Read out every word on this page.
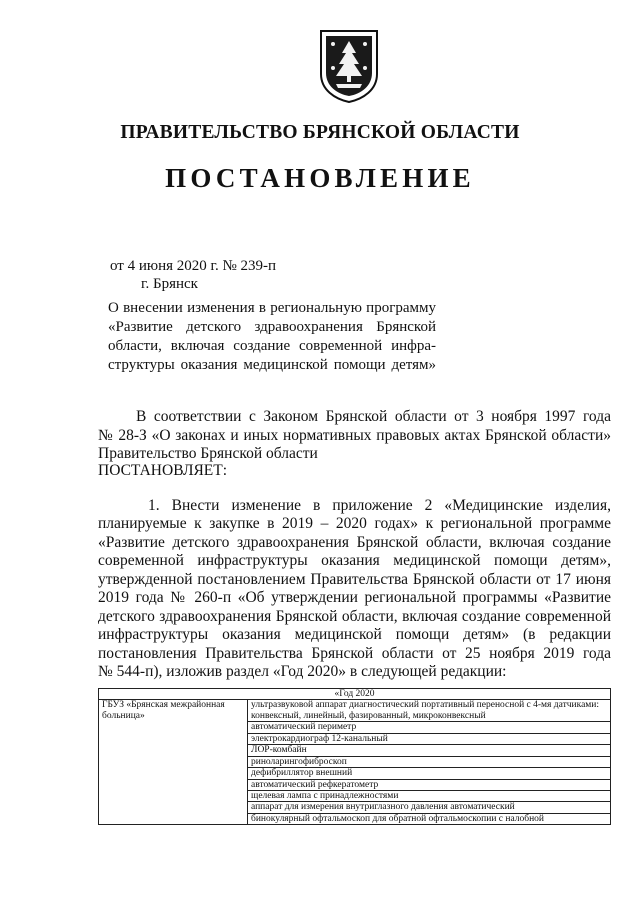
ПРАВИТЕЛЬСТВО БРЯНСКОЙ ОБЛАСТИ
ПОСТАНОВЛЕНИЕ
от 4 июня 2020 г. № 239-п
г. Брянск
О внесении изменения в региональную программу
«Развитие детского здравоохранения Брянской
области, включая создание современной инфра-
структуры оказания медицинской помощи детям»
В соответствии с Законом Брянской области от 3 ноября 1997 года
№ 28-З «О законах и иных нормативных правовых актах Брянской области»
Правительство Брянской области
ПОСТАНОВЛЯЕТ:
1. Внести изменение в приложение 2 «Медицинские изделия,
планируемые к закупке в 2019 – 2020 годах» к региональной программе
«Развитие детского здравоохранения Брянской области, включая создание
современной инфраструктуры оказания медицинской помощи детям»,
утвержденной постановлением Правительства Брянской области от 17 июня
2019 года № 260-п «Об утверждении региональной программы «Развитие
детского здравоохранения Брянской области, включая создание современной
инфраструктуры оказания медицинской помощи детям» (в редакции
постановления Правительства Брянской области от 25 ноября 2019 года
№ 544-п), изложив раздел «Год 2020» в следующей редакции:
«Год 2020
ГБУЗ «Брянская межрайонная больница»	ультразвуковой аппарат диагностический портативный переносной с 4-мя датчиками: конвексный, линейный, фазированный, микроконвексный
автоматический периметр
электрокардиограф 12-канальный
ЛОР-комбайн
риноларингофиброскоп
дефибриллятор внешний
автоматический рефкератометр
щелевая лампа с принадлежностями
аппарат для измерения внутриглазного давления автоматический
бинокулярный офтальмоскоп для обратной офтальмоскопии с налобной
